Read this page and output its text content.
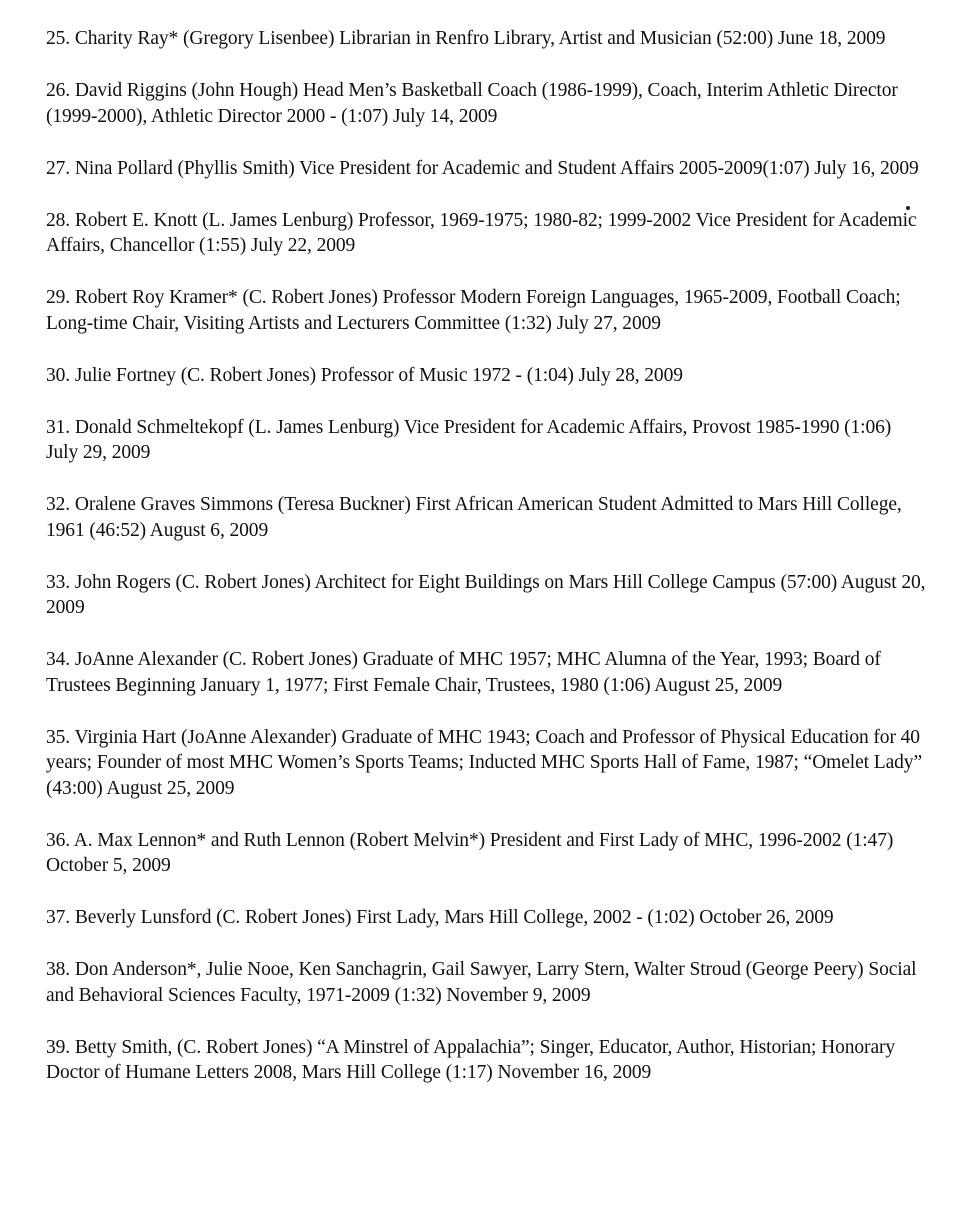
25. Charity Ray* (Gregory Lisenbee) Librarian in Renfro Library, Artist and Musician (52:00) June 18, 2009
26. David Riggins (John Hough) Head Men’s Basketball Coach (1986-1999), Coach, Interim Athletic Director (1999-2000), Athletic Director 2000 - (1:07) July 14, 2009
27. Nina Pollard (Phyllis Smith) Vice President for Academic and Student Affairs 2005-2009(1:07) July 16, 2009
28. Robert E. Knott (L. James Lenburg) Professor, 1969-1975; 1980-82; 1999-2002 Vice President for Academic Affairs, Chancellor (1:55) July 22, 2009
29. Robert Roy Kramer* (C. Robert Jones) Professor Modern Foreign Languages, 1965-2009, Football Coach; Long-time Chair, Visiting Artists and Lecturers Committee (1:32) July 27, 2009
30. Julie Fortney (C. Robert Jones) Professor of Music 1972 - (1:04) July 28, 2009
31. Donald Schmeltekopf (L. James Lenburg) Vice President for Academic Affairs, Provost 1985-1990 (1:06) July 29, 2009
32. Oralene Graves Simmons (Teresa Buckner) First African American Student Admitted to Mars Hill College, 1961 (46:52) August 6, 2009
33. John Rogers (C. Robert Jones) Architect for Eight Buildings on Mars Hill College Campus (57:00) August 20, 2009
34. JoAnne Alexander (C. Robert Jones) Graduate of MHC 1957; MHC Alumna of the Year, 1993; Board of Trustees Beginning January 1, 1977; First Female Chair, Trustees, 1980 (1:06) August 25, 2009
35. Virginia Hart (JoAnne Alexander) Graduate of MHC 1943; Coach and Professor of Physical Education for 40 years; Founder of most MHC Women’s Sports Teams; Inducted MHC Sports Hall of Fame, 1987; “Omelet Lady” (43:00) August 25, 2009
36. A. Max Lennon* and Ruth Lennon (Robert Melvin*) President and First Lady of MHC, 1996-2002 (1:47) October 5, 2009
37. Beverly Lunsford (C. Robert Jones) First Lady, Mars Hill College, 2002 - (1:02) October 26, 2009
38. Don Anderson*, Julie Nooe, Ken Sanchagrin, Gail Sawyer, Larry Stern, Walter Stroud (George Peery) Social and Behavioral Sciences Faculty, 1971-2009 (1:32) November 9, 2009
39. Betty Smith, (C. Robert Jones) “A Minstrel of Appalachia”; Singer, Educator, Author, Historian; Honorary Doctor of Humane Letters 2008, Mars Hill College (1:17) November 16, 2009
